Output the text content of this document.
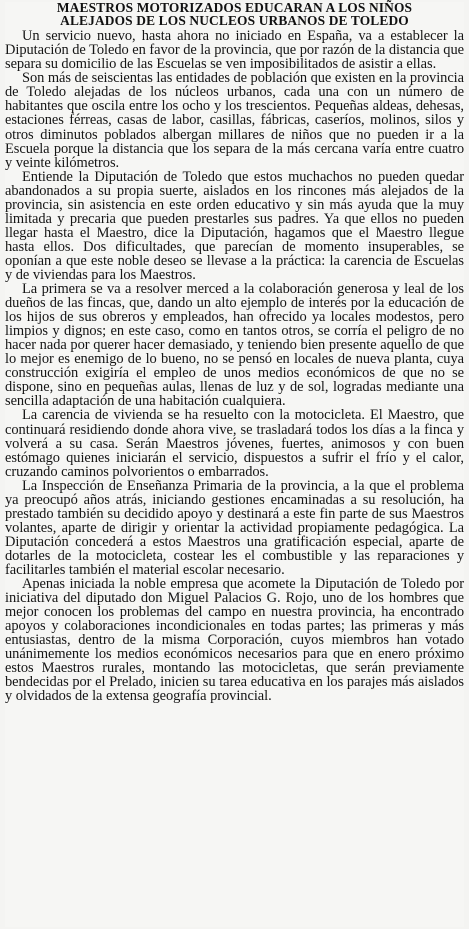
MAESTROS MOTORIZADOS EDUCARAN A LOS NIÑOS
ALEJADOS DE LOS NUCLEOS URBANOS DE TOLEDO

Un servicio nuevo, hasta ahora no iniciado en España, va a establecer la Diputación de Toledo en favor de la provincia, que por razón de la distancia que separa su domicilio de las Escuelas se ven imposibilitados de asistir a ellas.

Son más de seiscientas las entidades de población que existen en la provincia de Toledo alejadas de los núcleos urbanos, cada una con un número de habitantes que oscila entre los ocho y los trescientos. Pequeñas aldeas, dehesas, estaciones férreas, casas de labor, casillas, fábricas, caseríos, molinos, silos y otros diminutos poblados albergan millares de niños que no pueden ir a la Escuela porque la distancia que los separa de la más cercana varía entre cuatro y veinte kilómetros.

Entiende la Diputación de Toledo que estos muchachos no pueden quedar abandonados a su propia suerte, aislados en los rincones más alejados de la provincia, sin asistencia en este orden educativo y sin más ayuda que la muy limitada y precaria que pueden prestarles sus padres. Ya que ellos no pueden llegar hasta el Maestro, dice la Diputación, hagamos que el Maestro llegue hasta ellos. Dos dificultades, que parecían de momento insuperables, se oponían a que este noble deseo se llevase a la práctica: la carencia de Escuelas y de viviendas para los Maestros.

La primera se va a resolver merced a la colaboración generosa y leal de los dueños de las fincas, que, dando un alto ejemplo de interés por la educación de los hijos de sus obreros y empleados, han ofrecido ya locales modestos, pero limpios y dignos; en este caso, como en tantos otros, se corría el peligro de no hacer nada por querer hacer demasiado, y teniendo bien presente aquello de que lo mejor es enemigo de lo bueno, no se pensó en locales de nueva planta, cuya construcción exigiría el empleo de unos medios económicos de que no se dispone, sino en pequeñas aulas, llenas de luz y de sol, logradas mediante una sencilla adaptación de una habitación cualquiera.

La carencia de vivienda se ha resuelto con la motocicleta. El Maestro, que continuará residiendo donde ahora vive, se trasladará todos los días a la finca y volverá a su casa. Serán Maestros jóvenes, fuertes, animosos y con buen estómago quienes iniciarán el servicio, dispuestos a sufrir el frío y el calor, cruzando caminos polvorientos o embarrados.

La Inspección de Enseñanza Primaria de la provincia, a la que el problema ya preocupó años atrás, iniciando gestiones encaminadas a su resolución, ha prestado también su decidido apoyo y destinará a este fin parte de sus Maestros volantes, aparte de dirigir y orientar la actividad propiamente pedagógica. La Diputación concederá a estos Maestros una gratificación especial, aparte de dotarles de la motocicleta, costear les el combustible y las reparaciones y facilitarles también el material escolar necesario.

Apenas iniciada la noble empresa que acomete la Diputación de Toledo por iniciativa del diputado don Miguel Palacios G. Rojo, uno de los hombres que mejor conocen los problemas del campo en nuestra provincia, ha encontrado apoyos y colaboraciones incondicionales en todas partes; las primeras y más entusiastas, dentro de la misma Corporación, cuyos miembros han votado unánimemente los medios económicos necesarios para que en enero próximo estos Maestros rurales, montando las motocicletas, que serán previamente bendecidas por el Prelado, inicien su tarea educativa en los parajes más aislados y olvidados de la extensa geografía provincial.
